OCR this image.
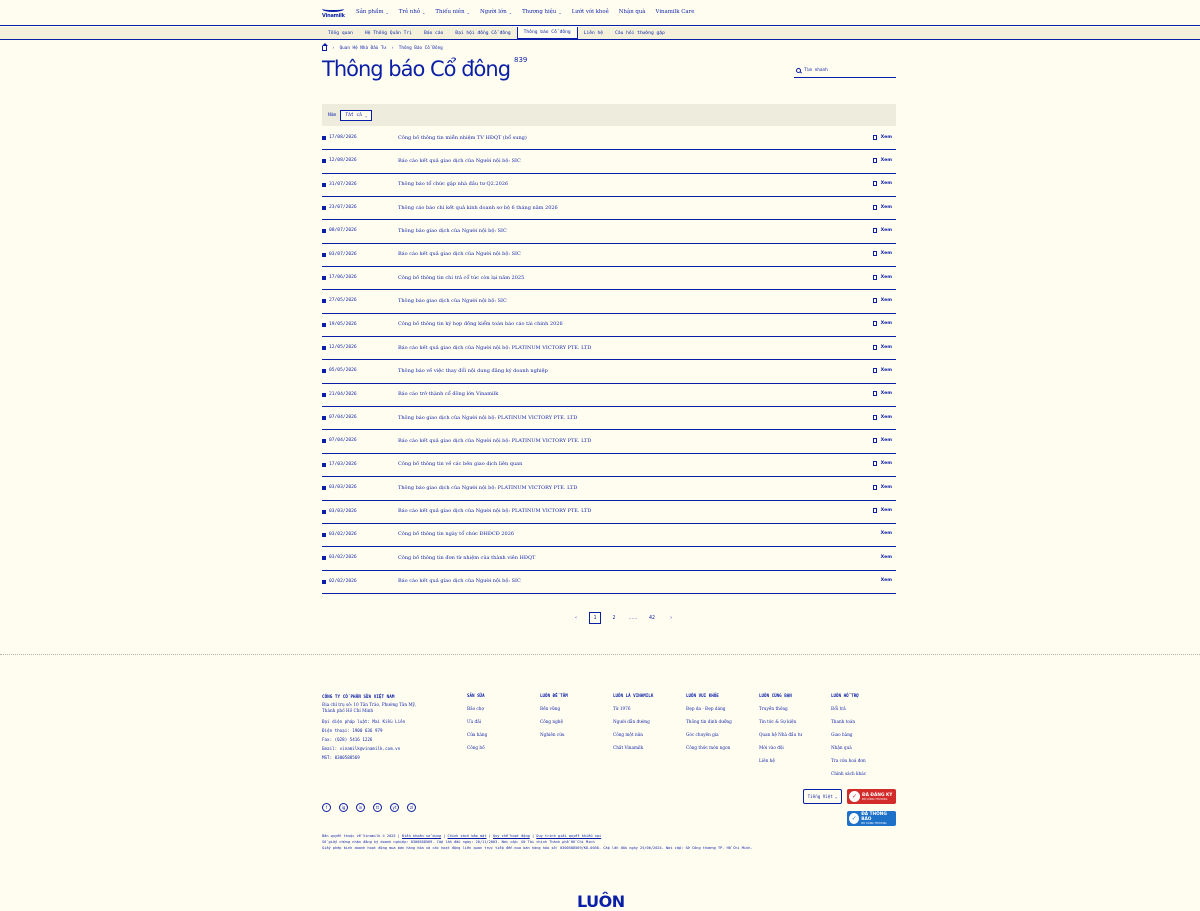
Vinamilk
Sản phẩm ⌄ Trẻ nhỏ ⌄ Thiếu niên ⌄ Người lớn ⌄ Thương hiệu ⌄ Lướt với khoẻ Nhận quà Vinamilk Care
Tổng quan	Hệ Thống Quản Trị	Báo cáo	Đại hội đồng Cổ đông	Thông báo Cổ đông	Liên hệ	Câu hỏi thường gặp
› Quan Hệ Nhà Đầu Tư › Thông Báo Cổ Đông
Thông báo Cổ đông 839
Tìm nhanh
Năm Tất cả ⌄
17/08/2026	Công bố thông tin miễn nhiệm TV HĐQT (bổ sung)	Xem
12/08/2026	Báo cáo kết quả giao dịch của Người nội bộ: SIC	Xem
31/07/2026	Thông báo tổ chức gặp nhà đầu tư Q2.2026	Xem
23/07/2026	Thông cáo báo chí kết quả kinh doanh sơ bộ 6 tháng năm 2026	Xem
08/07/2026	Thông báo giao dịch của Người nội bộ: SIC	Xem
03/07/2026	Báo cáo kết quả giao dịch của Người nội bộ: SIC	Xem
17/06/2026	Công bố thông tin chi trả cổ tức còn lại năm 2025	Xem
27/05/2026	Thông báo giao dịch của Người nội bộ: SIC	Xem
19/05/2026	Công bố thông tin ký hợp đồng kiểm toán báo cáo tài chính 2026	Xem
12/05/2026	Báo cáo kết quả giao dịch của Người nội bộ: PLATINUM VICTORY PTE. LTD	Xem
05/05/2026	Thông báo về việc thay đổi nội dung đăng ký doanh nghiệp	Xem
21/04/2026	Báo cáo trở thành cổ đông lớn Vinamilk	Xem
07/04/2026	Thông báo giao dịch của Người nội bộ: PLATINUM VICTORY PTE. LTD	Xem
07/04/2026	Báo cáo kết quả giao dịch của Người nội bộ: PLATINUM VICTORY PTE. LTD	Xem
17/03/2026	Công bố thông tin về các bên giao dịch liên quan	Xem
03/03/2026	Thông báo giao dịch của Người nội bộ: PLATINUM VICTORY PTE. LTD	Xem
03/03/2026	Báo cáo kết quả giao dịch của Người nội bộ: PLATINUM VICTORY PTE. LTD	Xem
03/02/2026	Công bố thông tin ngày tổ chức ĐHĐCĐ 2026	Xem
03/02/2026	Công bố thông tin đơn từ nhiệm của thành viên HĐQT	Xem
02/02/2026	Báo cáo kết quả giao dịch của Người nội bộ: SIC	Xem
‹	1	2	...	42	›
CÔNG TY CỔ PHẦN SỮA VIỆT NAM
Địa chỉ trụ sở: 10 Tân Trào, Phường Tân Mỹ, Thành phố Hồ Chí Minh
Đại diện pháp luật: Mai Kiều Liên
Điện thoại: 1900 636 979
Fax: (028) 5416 1226
Email: vinamilk@vinamilk.com.vn
MST: 0300588569
SẢN SỮA
Bảo chợ
Ưu đãi
Cửa hàng
Công bố
LUÔN ĐỂ TÂM
Bền vững
Công nghệ
Nghiên cứu
LUÔN LÀ VINAMILK
Từ 1976
Người dẫn đường
Công một nửa
Chất Vinamilk
LUÔN VUI KHỎE
Đẹp da · Đẹp dáng
Thông tin dinh dưỡng
Góc chuyên gia
Công thức món ngon
LUÔN CÙNG BẠN
Truyền thông
Tin tức & Sự kiện
Quan hệ Nhà đầu tư
Mời vào đội
Liên hệ
LUÔN HỖ TRỢ
Đổi trả
Thanh toán
Giao hàng
Nhận quà
Tra cứu hoá đơn
Chính sách khác
f	ig	in	tt	yt	zl
Tiếng Việt ⌄	✓	ĐÃ ĐĂNG KÝ
BỘ CÔNG THƯƠNG
✓
ĐÃ THÔNG BÁO
BỘ CÔNG THƯƠNG
Bản quyền thuộc về Vinamilk © 2025 | Điều khoản sử dụng | Chính sách bảo mật | Quy chế hoạt động | Quy trình giải quyết khiếu nại
Số giấy chứng nhận đăng ký doanh nghiệp: 0300588569. Cấp lần đầu ngày: 20/11/2003. Nơi cấp: Sở Tài chính Thành phố Hồ Chí Minh
Giấy phép kinh doanh hoạt động mua bán hàng hóa và các hoạt động liên quan trực tiếp đến mua bán hàng hóa số: 0300588569/KD-0058. Cấp lần đầu ngày 25/06/2024. Nơi cấp: Sở Công thương TP. Hồ Chí Minh.
LUÔN
